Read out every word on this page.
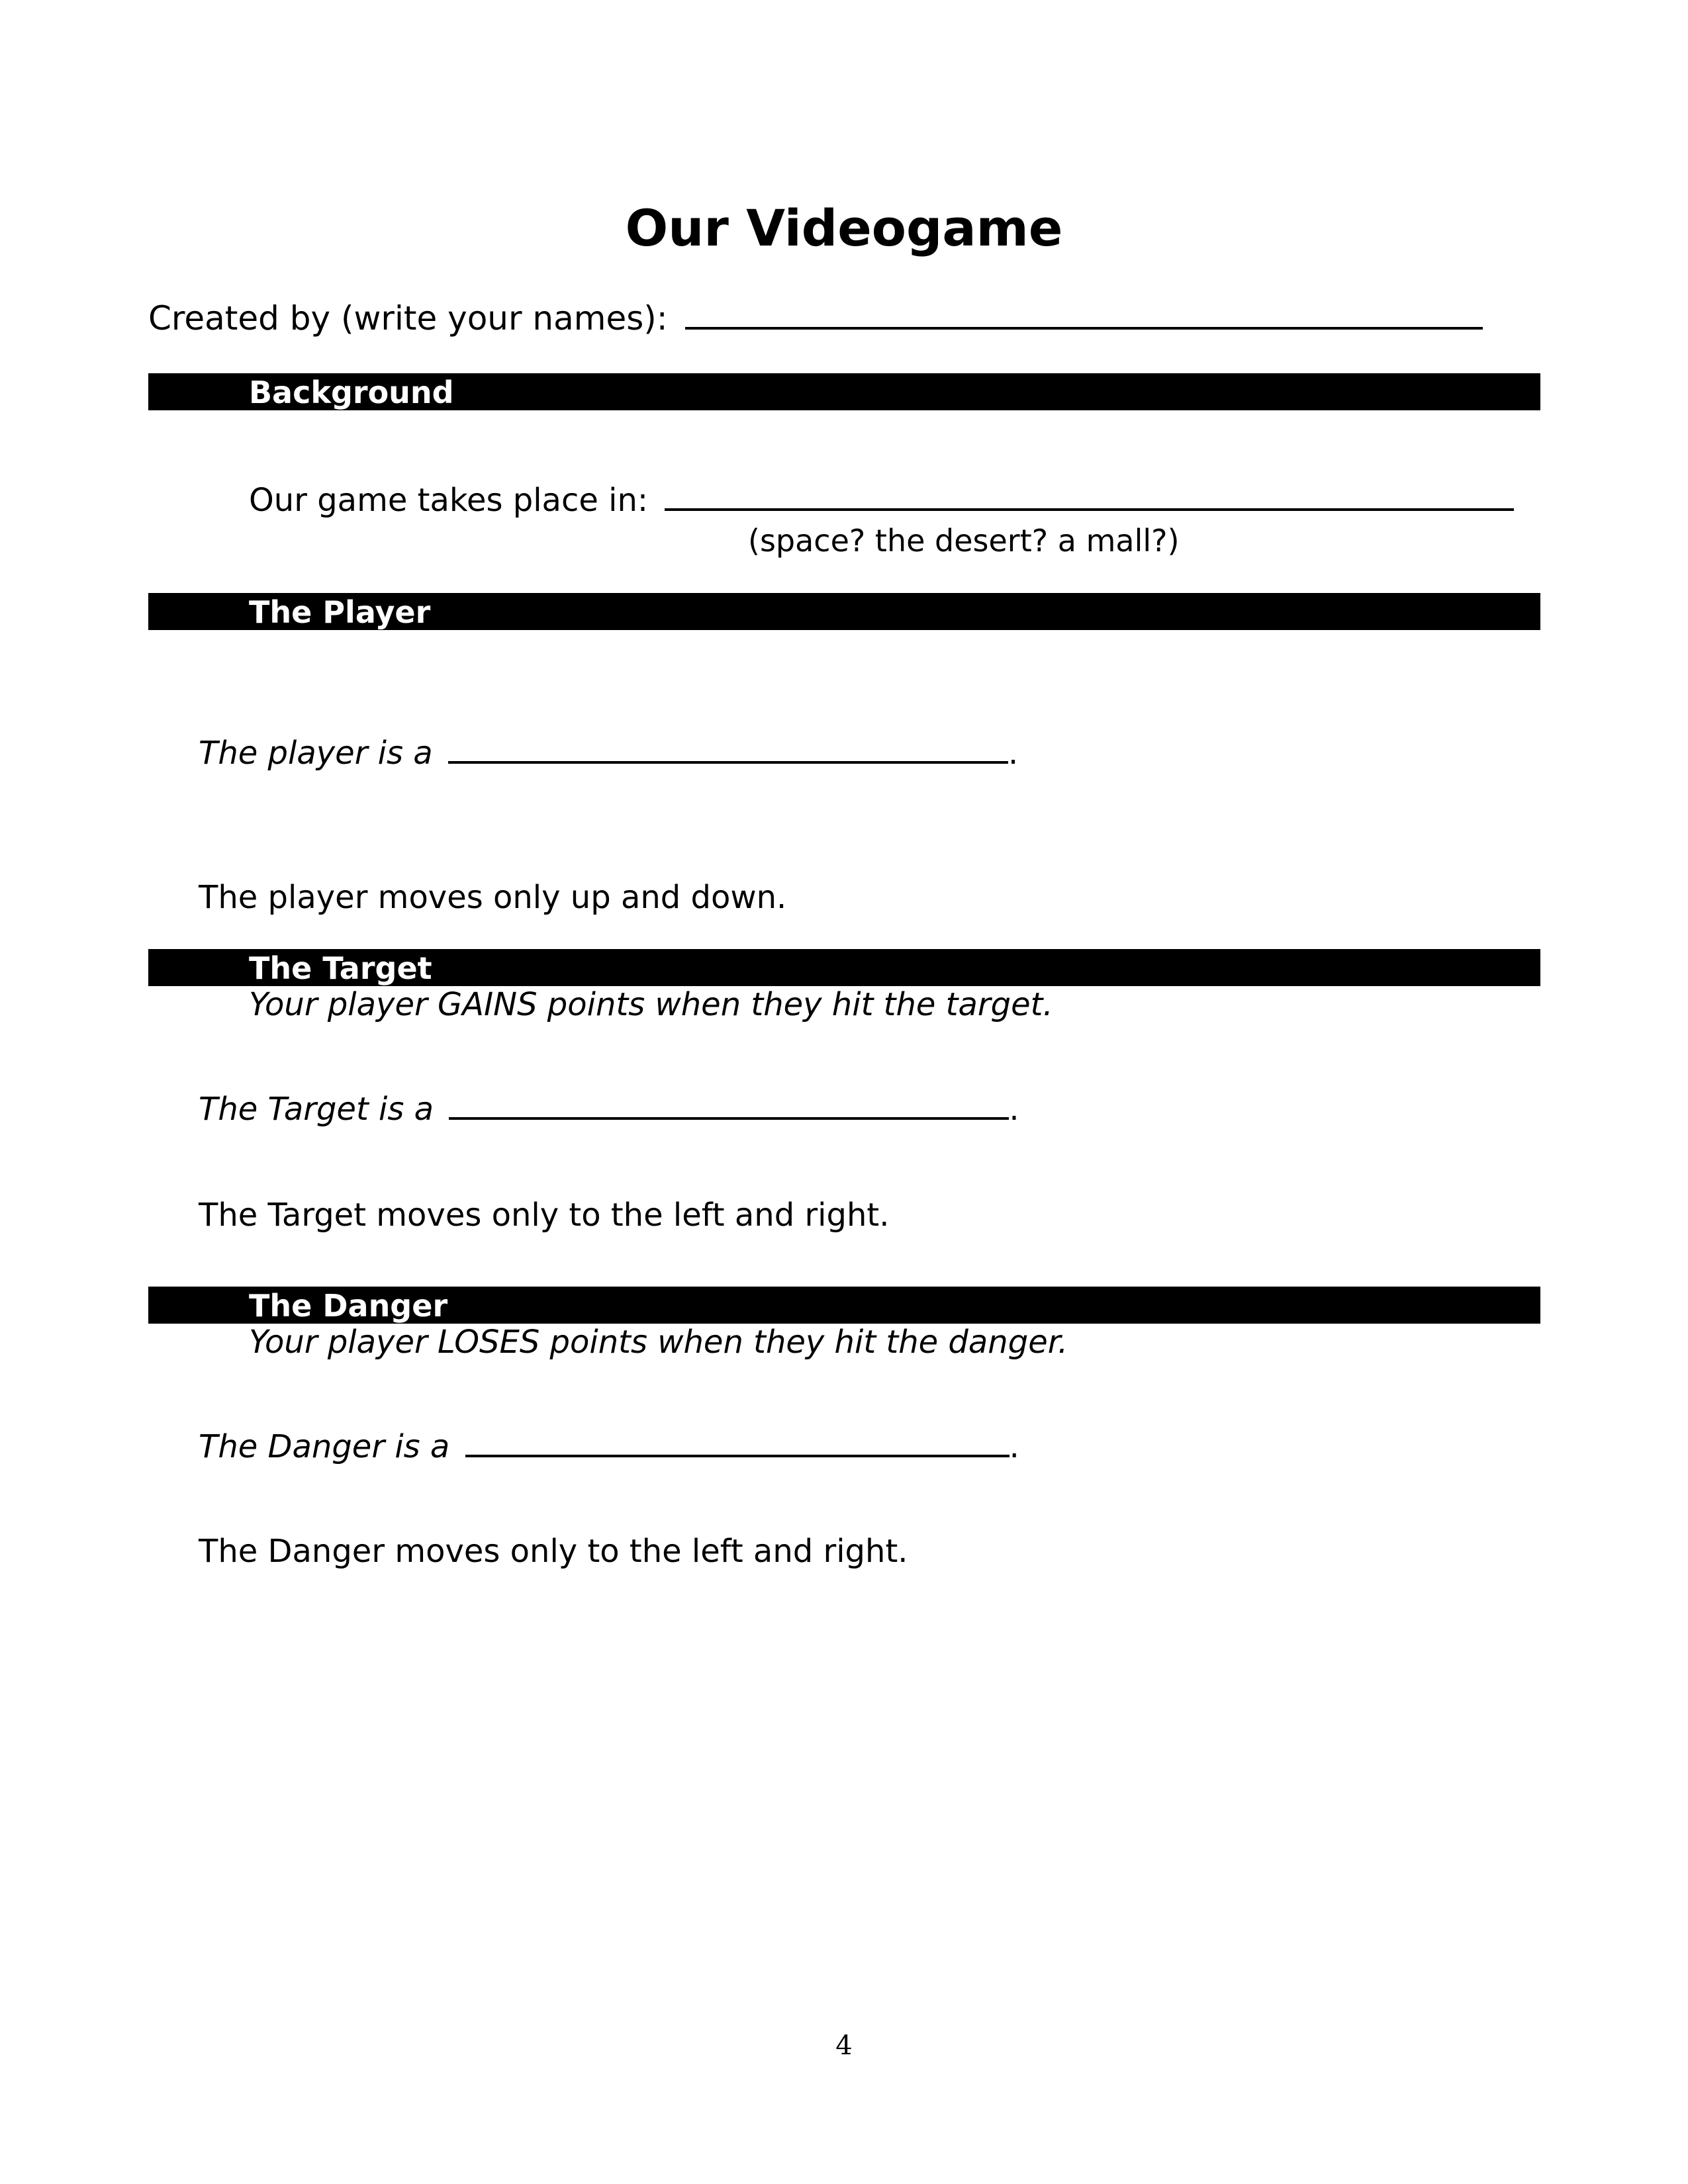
Our Videogame
Created by (write your names):
Background
Our game takes place in:
(space? the desert? a mall?)
The Player
The player is a	.
The player moves only up and down.
The Target
Your player GAINS points when they hit the target.
The Target is a	.
The Target moves only to the left and right.
The Danger
Your player LOSES points when they hit the danger.
The Danger is a	.
The Danger moves only to the left and right.
4
